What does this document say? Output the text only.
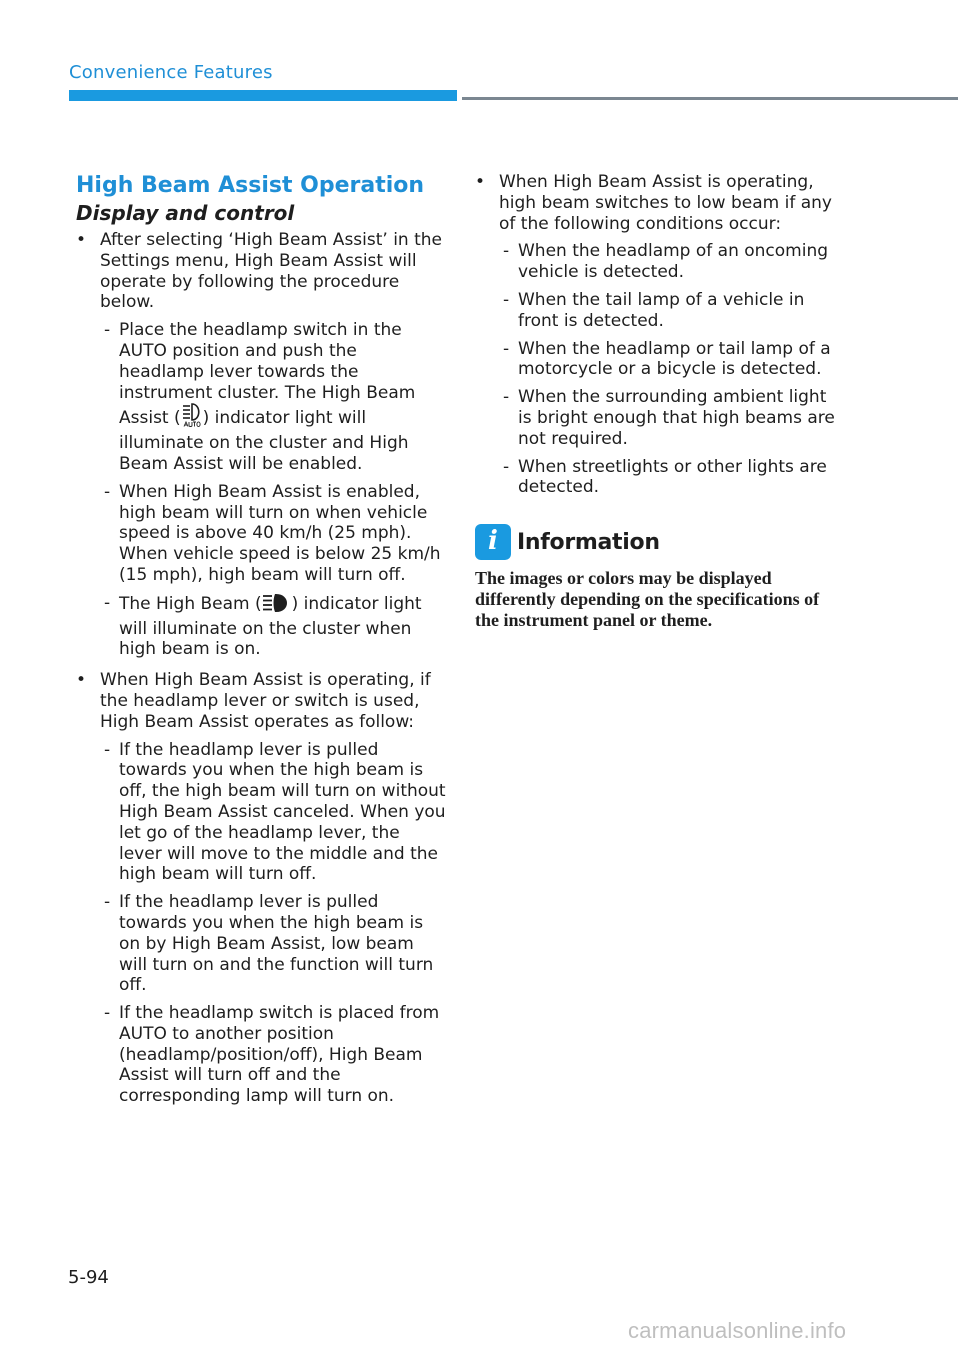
Convenience Features
High Beam Assist Operation
Display and control
• After selecting ‘High Beam Assist’ in the Settings menu, High Beam Assist will operate by following the procedure below.
- Place the headlamp switch in the AUTO position and push the headlamp lever towards the instrument cluster. The High Beam Assist ( ) indicator light will illuminate on the cluster and High Beam Assist will be enabled.
- When High Beam Assist is enabled, high beam will turn on when vehicle speed is above 40 km/h (25 mph). When vehicle speed is below 25 km/h (15 mph), high beam will turn off.
- The High Beam ( ) indicator light will illuminate on the cluster when high beam is on.
• When High Beam Assist is operating, if the headlamp lever or switch is used, High Beam Assist operates as follow:
- If the headlamp lever is pulled towards you when the high beam is off, the high beam will turn on without High Beam Assist canceled. When you let go of the headlamp lever, the lever will move to the middle and the high beam will turn off.
- If the headlamp lever is pulled towards you when the high beam is on by High Beam Assist, low beam will turn on and the function will turn off.
- If the headlamp switch is placed from AUTO to another position (headlamp/position/off), High Beam Assist will turn off and the corresponding lamp will turn on.
• When High Beam Assist is operating, high beam switches to low beam if any of the following conditions occur:
- When the headlamp of an oncoming vehicle is detected.
- When the tail lamp of a vehicle in front is detected.
- When the headlamp or tail lamp of a motorcycle or a bicycle is detected.
- When the surrounding ambient light is bright enough that high beams are not required.
- When streetlights or other lights are detected.
i Information
The images or colors may be displayed differently depending on the specifications of the instrument panel or theme.
5-94
carmanualsonline.info
